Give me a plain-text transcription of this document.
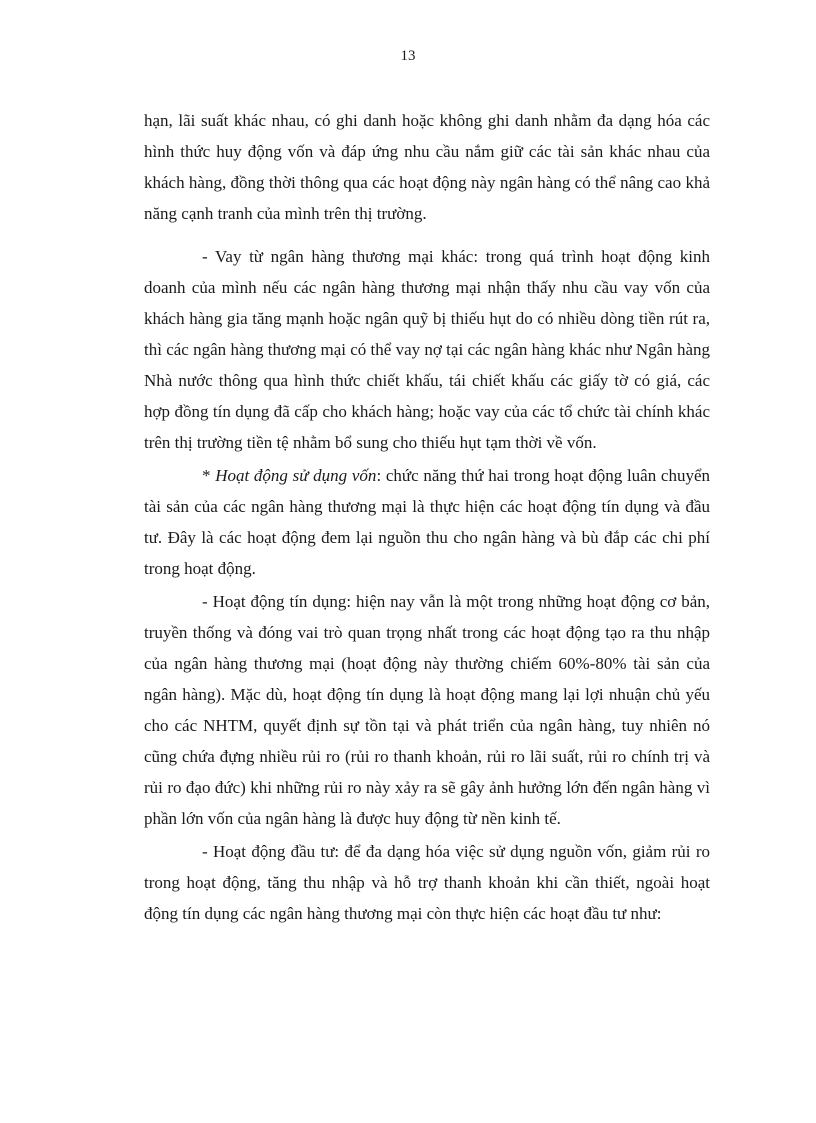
13

hạn, lãi suất khác nhau, có ghi danh hoặc không ghi danh nhằm đa dạng hóa các hình thức huy động vốn và đáp ứng nhu cầu nắm giữ các tài sản khác nhau của khách hàng, đồng thời thông qua các hoạt động này ngân hàng có thể nâng cao khả năng cạnh tranh của mình trên thị trường.

- Vay từ ngân hàng thương mại khác: trong quá trình hoạt động kinh doanh của mình nếu các ngân hàng thương mại nhận thấy nhu cầu vay vốn của khách hàng gia tăng mạnh hoặc ngân quỹ bị thiếu hụt do có nhiều dòng tiền rút ra, thì các ngân hàng thương mại có thể vay nợ tại các ngân hàng khác như Ngân hàng Nhà nước thông qua hình thức chiết khấu, tái chiết khấu các giấy tờ có giá, các hợp đồng tín dụng đã cấp cho khách hàng; hoặc vay của các tổ chức tài chính khác trên thị trường tiền tệ nhằm bổ sung cho thiếu hụt tạm thời về vốn.

* Hoạt động sử dụng vốn: chức năng thứ hai trong hoạt động luân chuyển tài sản của các ngân hàng thương mại là thực hiện các hoạt động tín dụng và đầu tư. Đây là các hoạt động đem lại nguồn thu cho ngân hàng và bù đắp các chi phí trong hoạt động.

- Hoạt động tín dụng: hiện nay vẫn là một trong những hoạt động cơ bản, truyền thống và đóng vai trò quan trọng nhất trong các hoạt động tạo ra thu nhập của ngân hàng thương mại (hoạt động này thường chiếm 60%-80% tài sản của ngân hàng). Mặc dù, hoạt động tín dụng là hoạt động mang lại lợi nhuận chủ yếu cho các NHTM, quyết định sự tồn tại và phát triển của ngân hàng, tuy nhiên nó cũng chứa đựng nhiều rủi ro (rủi ro thanh khoản, rủi ro lãi suất, rủi ro chính trị và rủi ro đạo đức) khi những rủi ro này xảy ra sẽ gây ảnh hưởng lớn đến ngân hàng vì phần lớn vốn của ngân hàng là được huy động từ nền kinh tế.

- Hoạt động đầu tư: để đa dạng hóa việc sử dụng nguồn vốn, giảm rủi ro trong hoạt động, tăng thu nhập và hỗ trợ thanh khoản khi cần thiết, ngoài hoạt động tín dụng các ngân hàng thương mại còn thực hiện các hoạt đầu tư như:
